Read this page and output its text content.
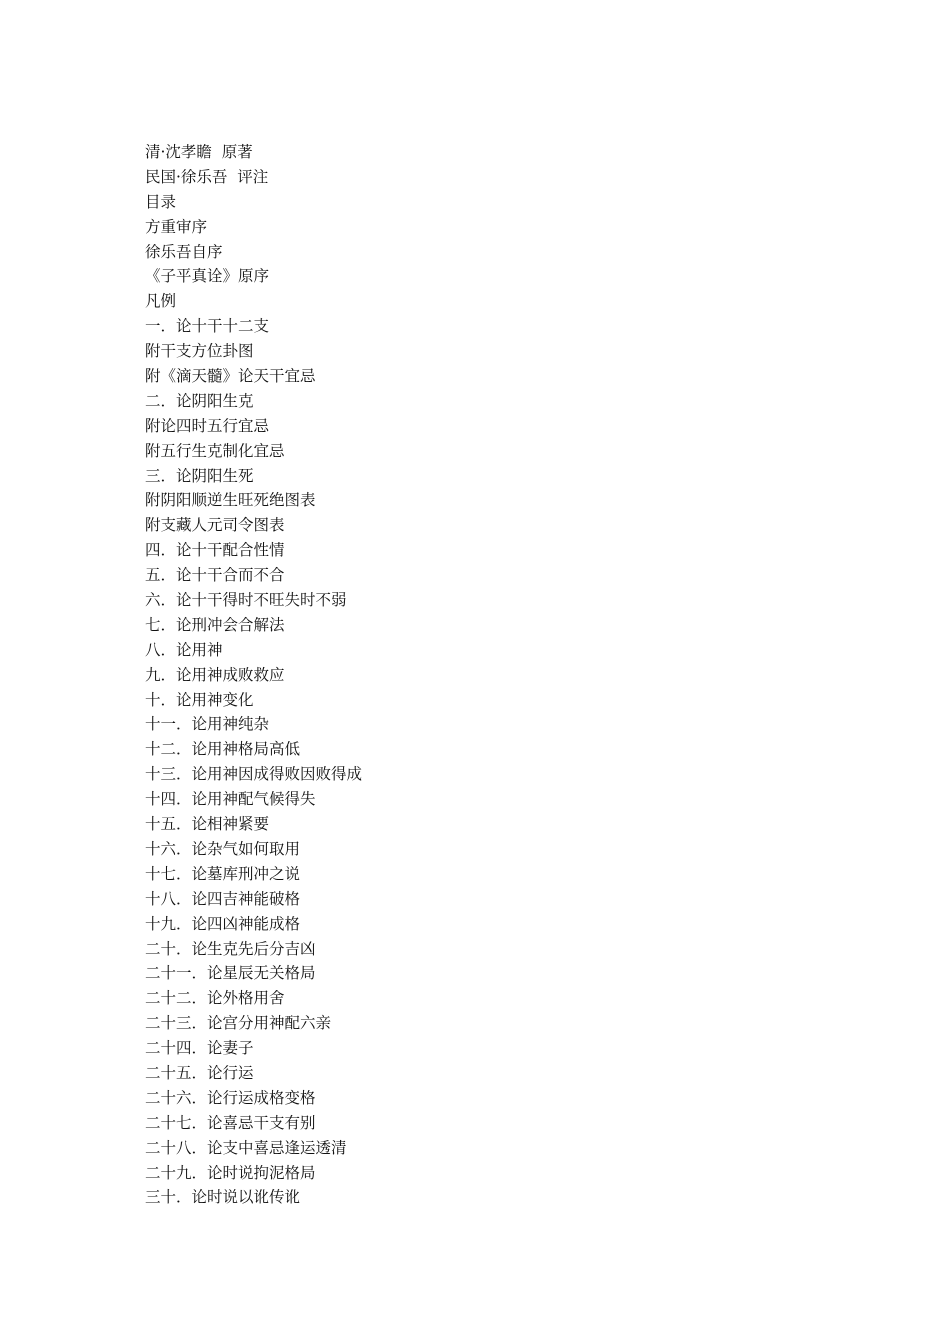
清·沈孝瞻  原著
民国·徐乐吾  评注
目录
方重审序
徐乐吾自序
《子平真诠》原序
凡例
一．论十干十二支
附干支方位卦图
附《滴天髓》论天干宜忌
二．论阴阳生克
附论四时五行宜忌
附五行生克制化宜忌
三．论阴阳生死
附阴阳顺逆生旺死绝图表
附支藏人元司令图表
四．论十干配合性情
五．论十干合而不合
六．论十干得时不旺失时不弱
七．论刑冲会合解法
八．论用神
九．论用神成败救应
十．论用神变化
十一．论用神纯杂
十二．论用神格局高低
十三．论用神因成得败因败得成
十四．论用神配气候得失
十五．论相神紧要
十六．论杂气如何取用
十七．论墓库刑冲之说
十八．论四吉神能破格
十九．论四凶神能成格
二十．论生克先后分吉凶
二十一．论星辰无关格局
二十二．论外格用舍
二十三．论宫分用神配六亲
二十四．论妻子
二十五．论行运
二十六．论行运成格变格
二十七．论喜忌干支有别
二十八．论支中喜忌逢运透清
二十九．论时说拘泥格局
三十．论时说以讹传讹
